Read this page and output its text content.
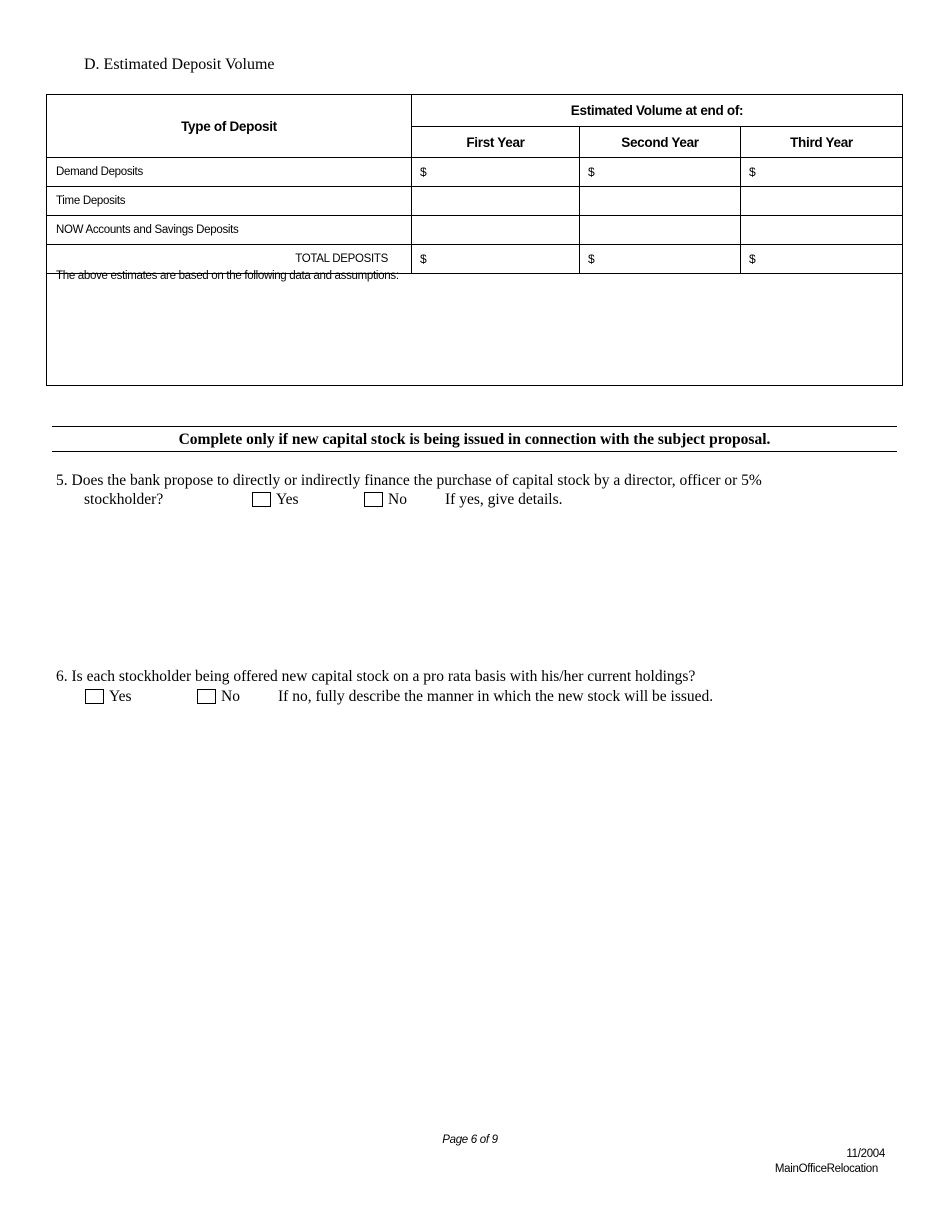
D. Estimated Deposit Volume
Type of Deposit	Estimated Volume at end of:		
	First Year	Second Year	Third Year
Demand Deposits	$	$	$
Time Deposits			
NOW Accounts and Savings Deposits			
TOTAL DEPOSITS	$	$	$
The above estimates are based on the following data and assumptions:			
Complete only if new capital stock is being issued in connection with the subject proposal.
5. Does the bank propose to directly or indirectly finance the purchase of capital stock by a director, officer or 5%
stockholder?	Yes	No If yes, give details.
6. Is each stockholder being offered new capital stock on a pro rata basis with his/her current holdings?
Yes	No If no, fully describe the manner in which the new stock will be issued.
Page 6 of 9
11/2004
MainOfficeRelocation
